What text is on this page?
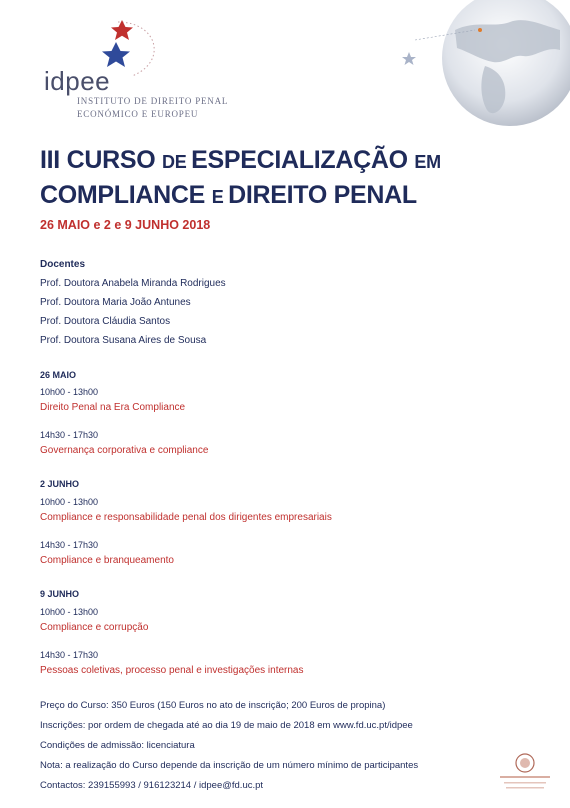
idpee
INSTITUTO DE DIREITO PENAL
ECONÓMICO E EUROPEU
III CURSO DE ESPECIALIZAÇÃO EM
COMPLIANCE E DIREITO PENAL
26 MAIO e 2 e 9 JUNHO 2018
Docentes
Prof. Doutora Anabela Miranda Rodrigues
Prof. Doutora Maria João Antunes
Prof. Doutora Cláudia Santos
Prof. Doutora Susana Aires de Sousa
26 MAIO
10h00 - 13h00
Direito Penal na Era Compliance
14h30 - 17h30
Governança corporativa e compliance
2 JUNHO
10h00 - 13h00
Compliance e responsabilidade penal dos dirigentes empresariais
14h30 - 17h30
Compliance e branqueamento
9 JUNHO
10h00 - 13h00
Compliance e corrupção
14h30 - 17h30
Pessoas coletivas, processo penal e investigações internas
Preço do Curso: 350 Euros (150 Euros no ato de inscrição; 200 Euros de propina)
Inscrições: por ordem de chegada até ao dia 19 de maio de 2018 em www.fd.uc.pt/idpee
Condições de admissão: licenciatura
Nota: a realização do Curso depende da inscrição de um número mínimo de participantes
Contactos: 239155993 / 916123214 / idpee@fd.uc.pt
